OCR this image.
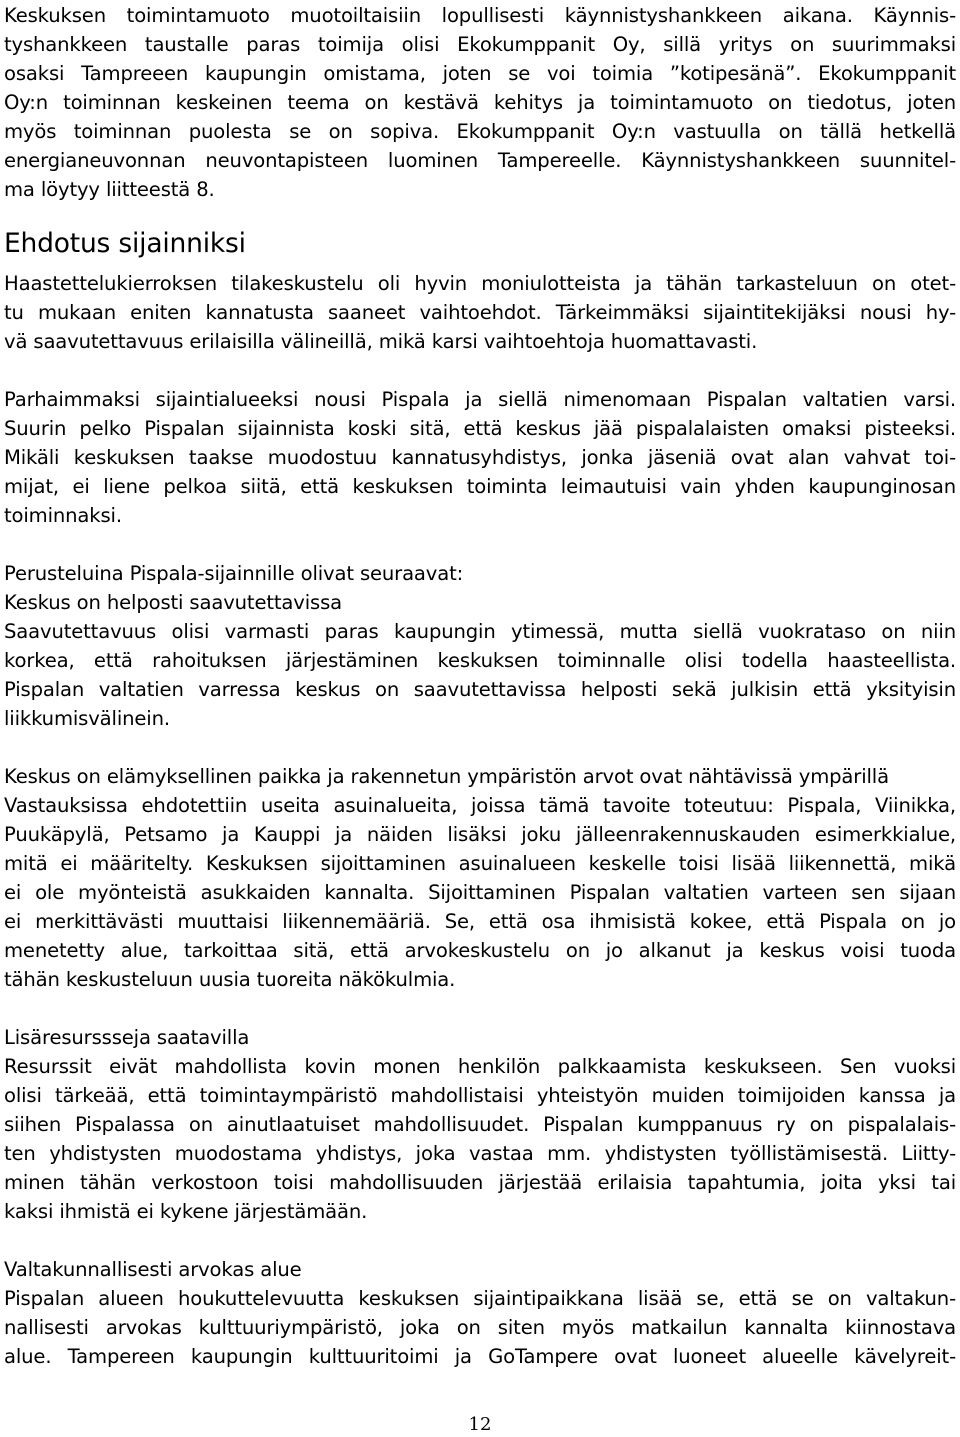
Keskuksen toimintamuoto muotoiltaisiin lopullisesti käynnistyshankkeen aikana. Käynnis-
tyshankkeen taustalle paras toimija olisi Ekokumppanit Oy, sillä yritys on suurimmaksi
osaksi Tampreeen kaupungin omistama, joten se voi toimia ”kotipesänä”. Ekokumppanit
Oy:n toiminnan keskeinen teema on kestävä kehitys ja toimintamuoto on tiedotus, joten
myös toiminnan puolesta se on sopiva. Ekokumppanit Oy:n vastuulla on tällä hetkellä
energianeuvonnan neuvontapisteen luominen Tampereelle. Käynnistyshankkeen suunnitel-
ma löytyy liitteestä 8.
Ehdotus sijainniksi
Haastettelukierroksen tilakeskustelu oli hyvin moniulotteista ja tähän tarkasteluun on otet-
tu mukaan eniten kannatusta saaneet vaihtoehdot. Tärkeimmäksi sijaintitekijäksi nousi hy-
vä saavutettavuus erilaisilla välineillä, mikä karsi vaihtoehtoja huomattavasti.
Parhaimmaksi sijaintialueeksi nousi Pispala ja siellä nimenomaan Pispalan valtatien varsi.
Suurin pelko Pispalan sijainnista koski sitä, että keskus jää pispalalaisten omaksi pisteeksi.
Mikäli keskuksen taakse muodostuu kannatusyhdistys, jonka jäseniä ovat alan vahvat toi-
mijat, ei liene pelkoa siitä, että keskuksen toiminta leimautuisi vain yhden kaupunginosan
toiminnaksi.
Perusteluina Pispala-sijainnille olivat seuraavat:
Keskus on helposti saavutettavissa
Saavutettavuus olisi varmasti paras kaupungin ytimessä, mutta siellä vuokrataso on niin
korkea, että rahoituksen järjestäminen keskuksen toiminnalle olisi todella haasteellista.
Pispalan valtatien varressa keskus on saavutettavissa helposti sekä julkisin että yksityisin
liikkumisvälinein.
Keskus on elämyksellinen paikka ja rakennetun ympäristön arvot ovat nähtävissä ympärillä
Vastauksissa ehdotettiin useita asuinalueita, joissa tämä tavoite toteutuu: Pispala, Viinikka,
Puukäpylä, Petsamo ja Kauppi ja näiden lisäksi joku jälleenrakennuskauden esimerkkialue,
mitä ei määritelty. Keskuksen sijoittaminen asuinalueen keskelle toisi lisää liikennettä, mikä
ei ole myönteistä asukkaiden kannalta. Sijoittaminen Pispalan valtatien varteen sen sijaan
ei merkittävästi muuttaisi liikennemääriä. Se, että osa ihmisistä kokee, että Pispala on jo
menetetty alue, tarkoittaa sitä, että arvokeskustelu on jo alkanut ja keskus voisi tuoda
tähän keskusteluun uusia tuoreita näkökulmia.
Lisäresurssseja saatavilla
Resurssit eivät mahdollista kovin monen henkilön palkkaamista keskukseen. Sen vuoksi
olisi tärkeää, että toimintaympäristö mahdollistaisi yhteistyön muiden toimijoiden kanssa ja
siihen Pispalassa on ainutlaatuiset mahdollisuudet. Pispalan kumppanuus ry on pispalalais-
ten yhdistysten muodostama yhdistys, joka vastaa mm. yhdistysten työllistämisestä. Liitty-
minen tähän verkostoon toisi mahdollisuuden järjestää erilaisia tapahtumia, joita yksi tai
kaksi ihmistä ei kykene järjestämään.
Valtakunnallisesti arvokas alue
Pispalan alueen houkuttelevuutta keskuksen sijaintipaikkana lisää se, että se on valtakun-
nallisesti arvokas kulttuuriympäristö, joka on siten myös matkailun kannalta kiinnostava
alue. Tampereen kaupungin kulttuuritoimi ja GoTampere ovat luoneet alueelle kävelyreit-
12
